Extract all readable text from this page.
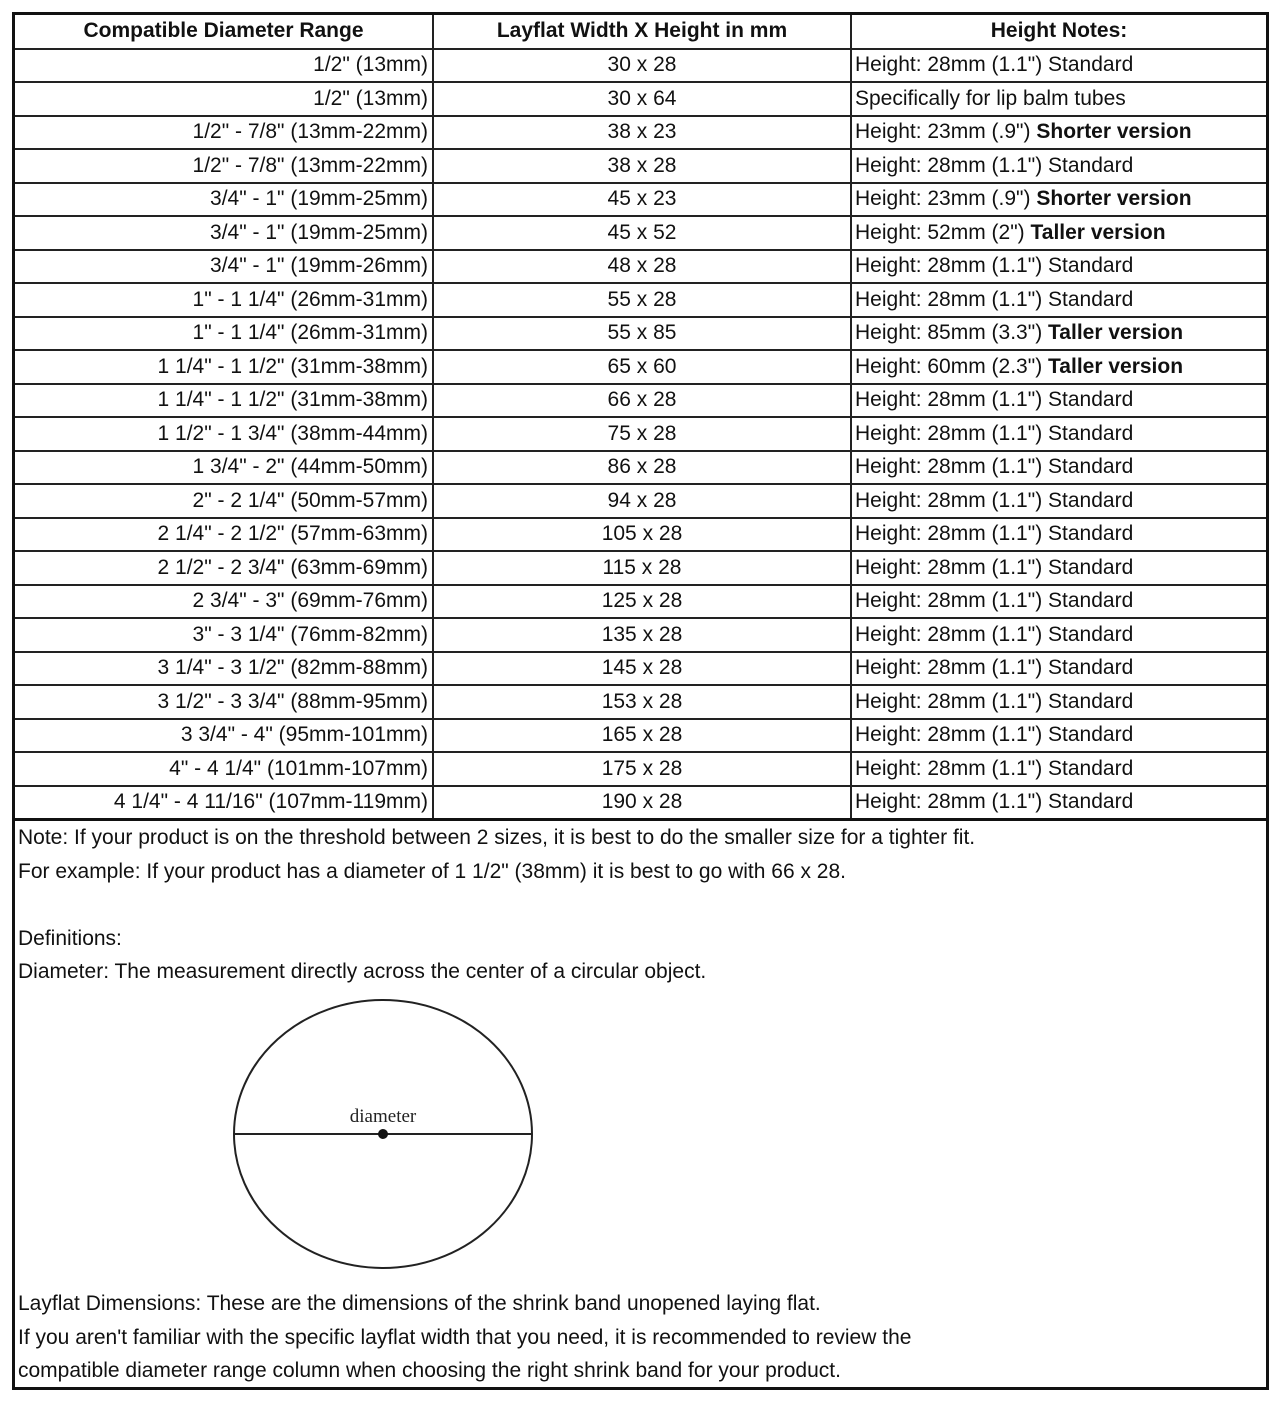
Compatible Diameter Range	Layflat Width X Height in mm	Height Notes:
1/2" (13mm)	30 x 28	Height: 28mm (1.1") Standard
1/2" (13mm)	30 x 64	Specifically for lip balm tubes
1/2" - 7/8" (13mm-22mm)	38 x 23	Height: 23mm (.9") Shorter version
1/2" - 7/8" (13mm-22mm)	38 x 28	Height: 28mm (1.1") Standard
3/4" - 1" (19mm-25mm)	45 x 23	Height: 23mm (.9") Shorter version
3/4" - 1" (19mm-25mm)	45 x 52	Height: 52mm (2") Taller version
3/4" - 1" (19mm-26mm)	48 x 28	Height: 28mm (1.1") Standard
1" - 1 1/4" (26mm-31mm)	55 x 28	Height: 28mm (1.1") Standard
1" - 1 1/4" (26mm-31mm)	55 x 85	Height: 85mm (3.3") Taller version
1 1/4" - 1 1/2" (31mm-38mm)	65 x 60	Height: 60mm (2.3") Taller version
1 1/4" - 1 1/2" (31mm-38mm)	66 x 28	Height: 28mm (1.1") Standard
1 1/2" - 1 3/4" (38mm-44mm)	75 x 28	Height: 28mm (1.1") Standard
1 3/4" - 2" (44mm-50mm)	86 x 28	Height: 28mm (1.1") Standard
2" - 2 1/4" (50mm-57mm)	94 x 28	Height: 28mm (1.1") Standard
2 1/4" - 2 1/2" (57mm-63mm)	105 x 28	Height: 28mm (1.1") Standard
2 1/2" - 2 3/4" (63mm-69mm)	115 x 28	Height: 28mm (1.1") Standard
2 3/4" - 3" (69mm-76mm)	125 x 28	Height: 28mm (1.1") Standard
3" - 3 1/4" (76mm-82mm)	135 x 28	Height: 28mm (1.1") Standard
3 1/4" - 3 1/2" (82mm-88mm)	145 x 28	Height: 28mm (1.1") Standard
3 1/2" - 3 3/4" (88mm-95mm)	153 x 28	Height: 28mm (1.1") Standard
3 3/4" - 4" (95mm-101mm)	165 x 28	Height: 28mm (1.1") Standard
4" - 4 1/4" (101mm-107mm)	175 x 28	Height: 28mm (1.1") Standard
4 1/4" - 4 11/16" (107mm-119mm)	190 x 28	Height: 28mm (1.1") Standard
Note: If your product is on the threshold between 2 sizes, it is best to do the smaller size for a tighter fit.
For example: If your product has a diameter of 1 1/2" (38mm) it is best to go with 66 x 28.
Definitions:
Diameter: The measurement directly across the center of a circular object.
diameter
Layflat Dimensions: These are the dimensions of the shrink band unopened laying flat.
If you aren't familiar with the specific layflat width that you need, it is recommended to review the
compatible diameter range column when choosing the right shrink band for your product.
